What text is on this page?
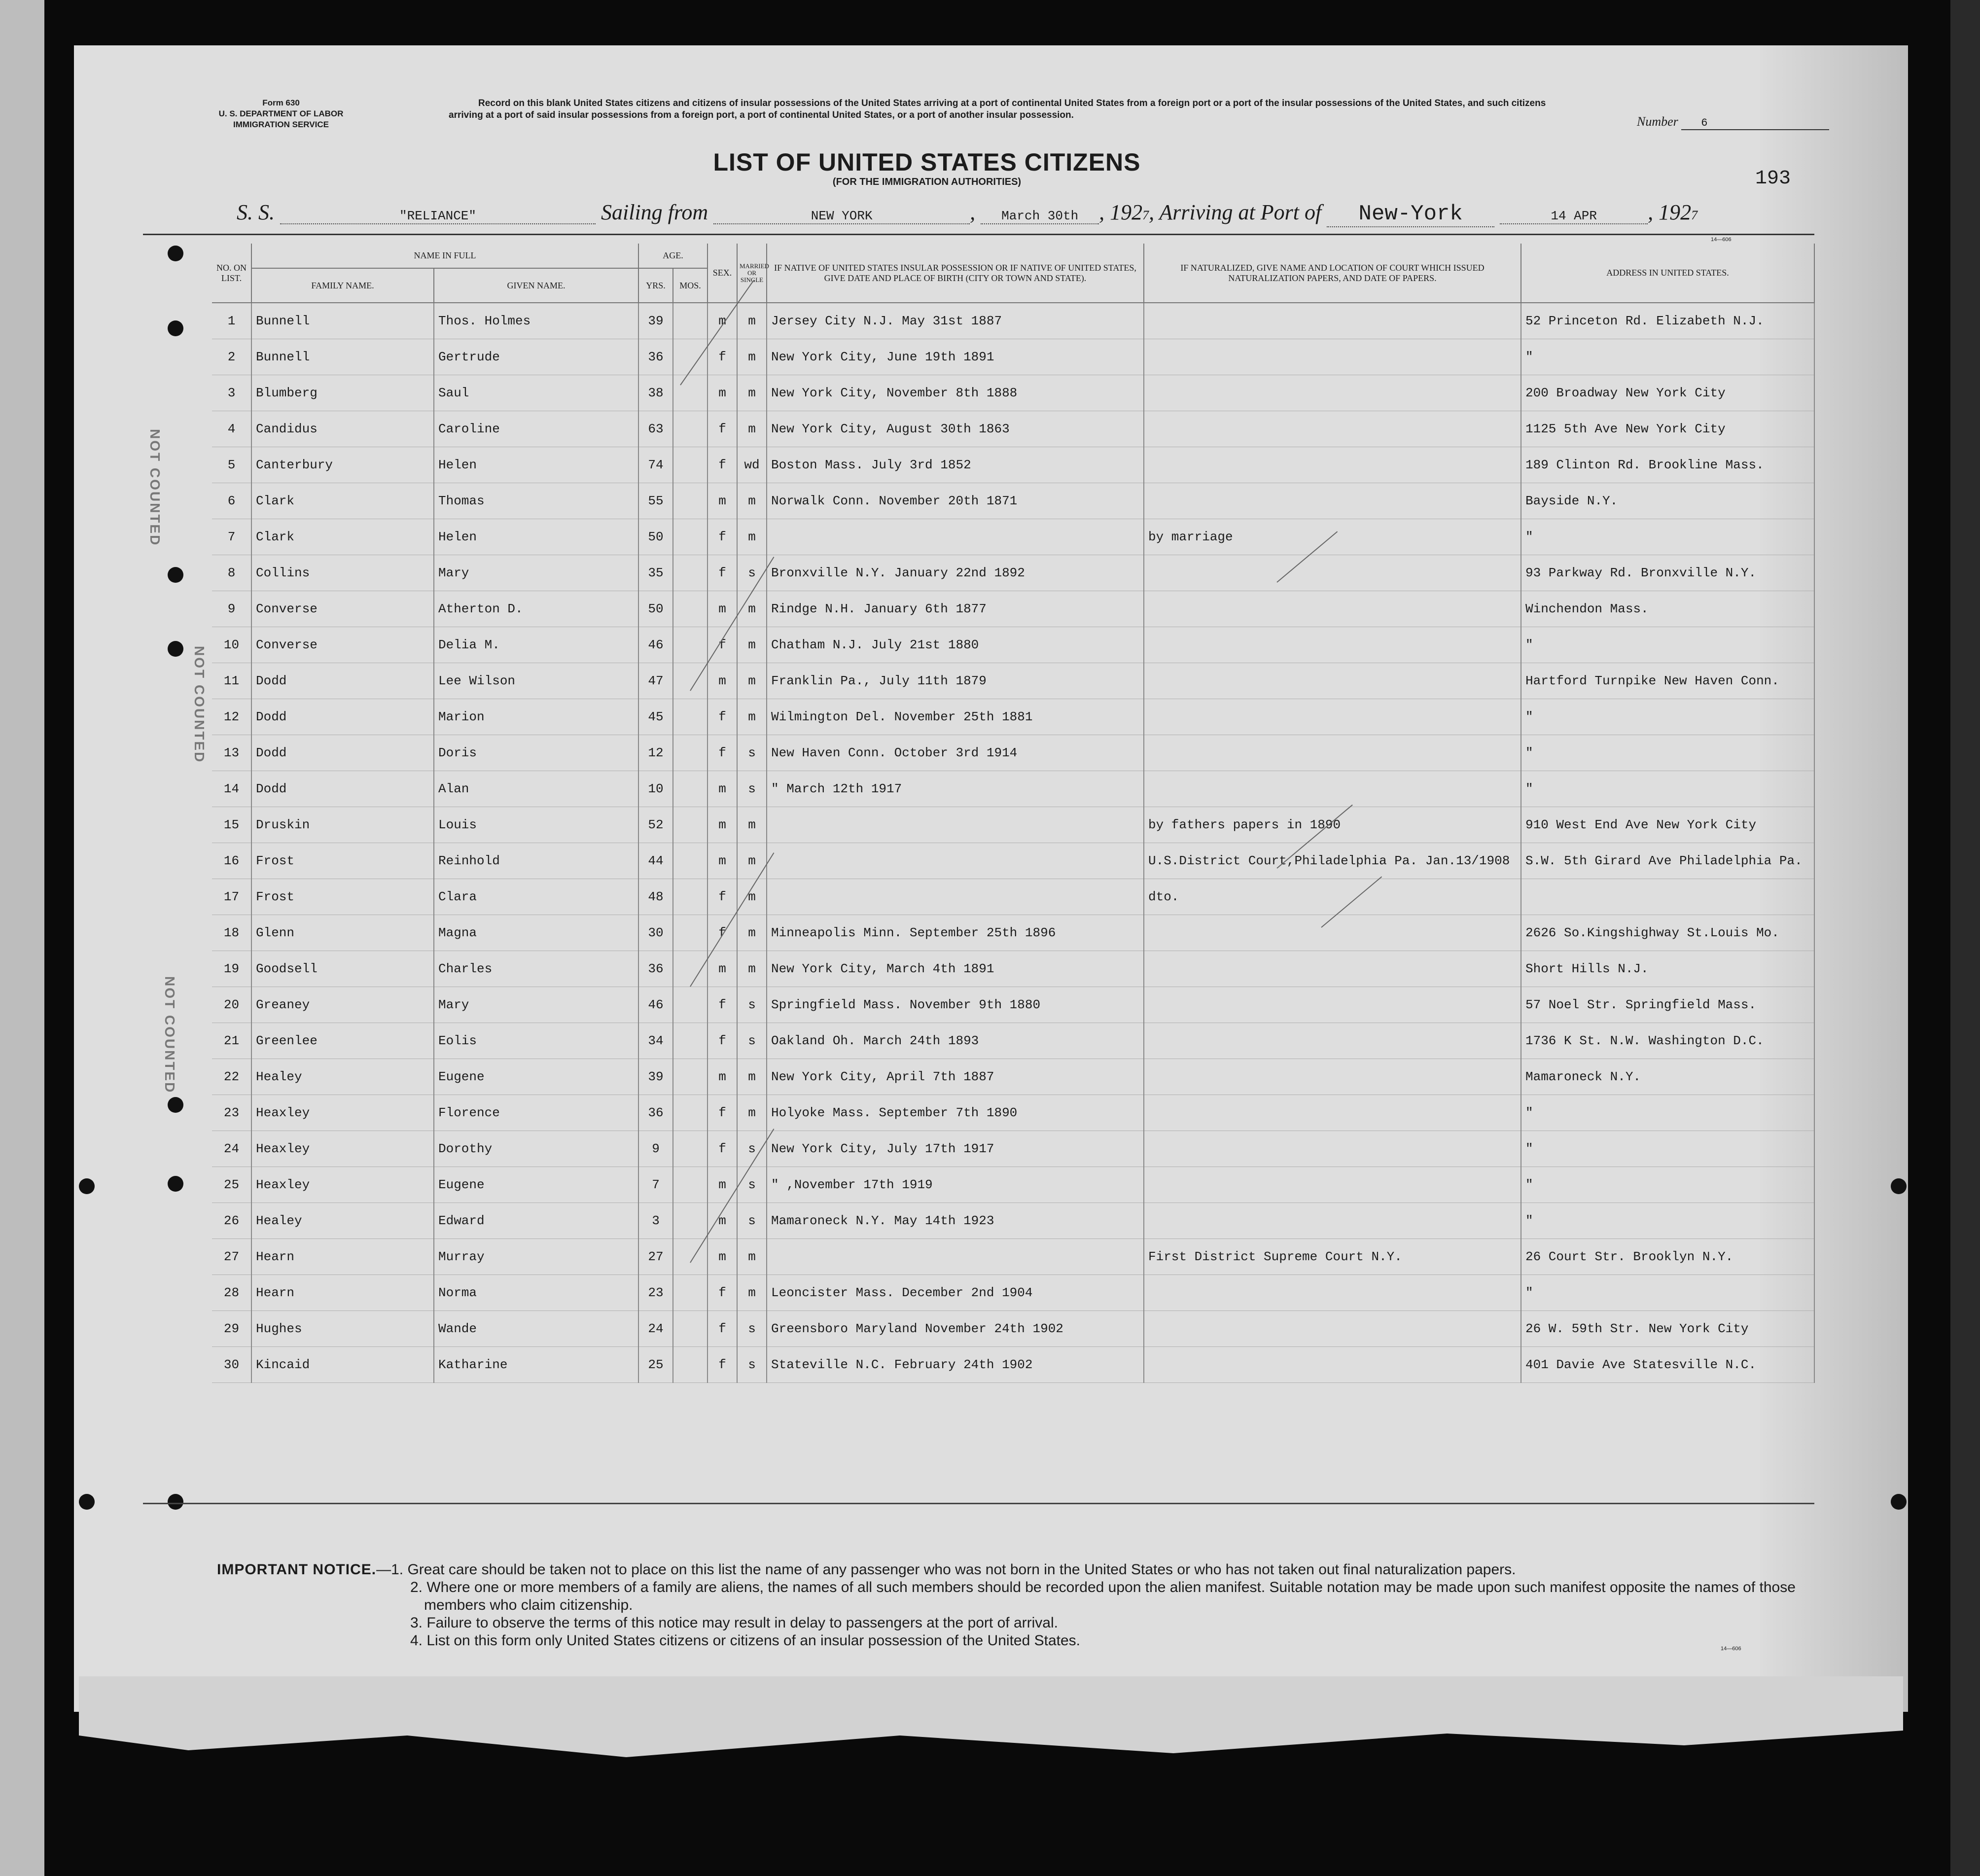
Form 630
U. S. DEPARTMENT OF LABOR
IMMIGRATION SERVICE
Record on this blank United States citizens and citizens of insular possessions of the United States arriving at a port of continental United States from a foreign port or a port of the insular possessions of the United States, and such citizens arriving at a port of said insular possessions from a foreign port, a port of continental United States, or a port of another insular possession.	Number 6
LIST OF UNITED STATES CITIZENS
(FOR THE IMMIGRATION AUTHORITIES)	193
S. S.	"RELIANCE"	Sailing from	NEW YORK	, March 30th , 1927, Arriving at Port of New-York	14 APR , 1927
14—606
NO. ON LIST.	NAME IN FULL		AGE.		SEX.	MARRIED OR SINGLE	IF NATIVE OF UNITED STATES INSULAR POSSESSION OR IF NATIVE OF UNITED STATES, GIVE DATE AND PLACE OF BIRTH (CITY OR TOWN AND STATE).	IF NATURALIZED, GIVE NAME AND LOCATION OF COURT WHICH ISSUED NATURALIZATION PAPERS, AND DATE OF PAPERS.	ADDRESS IN UNITED STATES.
	FAMILY NAME.	GIVEN NAME.	YRS.	MOS.					
1	Bunnell	Thos. Holmes	39		m	m	Jersey City N.J. May 31st 1887		52 Princeton Rd. Elizabeth N.J.
2	Bunnell	Gertrude	36		f	m	New York City, June 19th 1891		"
3	Blumberg	Saul	38		m	m	New York City, November 8th 1888		200 Broadway New York City
4	Candidus	Caroline	63		f	m	New York City, August 30th 1863		1125 5th Ave New York City
5	Canterbury	Helen	74		f	wd	Boston Mass. July 3rd 1852		189 Clinton Rd. Brookline Mass.
6	Clark	Thomas	55		m	m	Norwalk Conn. November 20th 1871		Bayside N.Y.
7	Clark	Helen	50		f	m		by marriage	"
8	Collins	Mary	35		f	s	Bronxville N.Y. January 22nd 1892		93 Parkway Rd. Bronxville N.Y.
9	Converse	Atherton D.	50		m	m	Rindge N.H. January 6th 1877		Winchendon Mass.
10	Converse	Delia M.	46		f	m	Chatham N.J. July 21st 1880		"
11	Dodd	Lee Wilson	47		m	m	Franklin Pa., July 11th 1879		Hartford Turnpike New Haven Conn.
12	Dodd	Marion	45		f	m	Wilmington Del. November 25th 1881		"
13	Dodd	Doris	12		f	s	New Haven Conn. October 3rd 1914		"
14	Dodd	Alan	10		m	s	" March 12th 1917		"
15	Druskin	Louis	52		m	m		by fathers papers in 1890	910 West End Ave New York City
16	Frost	Reinhold	44		m	m		U.S.District Court,Philadelphia Pa. Jan.13/1908	S.W. 5th Girard Ave Philadelphia Pa.
17	Frost	Clara	48		f	m		dto.	
18	Glenn	Magna	30		f	m	Minneapolis Minn. September 25th 1896		2626 So.Kingshighway St.Louis Mo.
19	Goodsell	Charles	36		m	m	New York City, March 4th 1891		Short Hills N.J.
20	Greaney	Mary	46		f	s	Springfield Mass. November 9th 1880		57 Noel Str. Springfield Mass.
21	Greenlee	Eolis	34		f	s	Oakland Oh. March 24th 1893		1736 K St. N.W. Washington D.C.
22	Healey	Eugene	39		m	m	New York City, April 7th 1887		Mamaroneck N.Y.
23	Heaxley	Florence	36		f	m	Holyoke Mass. September 7th 1890		"
24	Heaxley	Dorothy	9		f	s	New York City, July 17th 1917		"
25	Heaxley	Eugene	7		m	s	" ,November 17th 1919		"
26	Healey	Edward	3		m	s	Mamaroneck N.Y. May 14th 1923		"
27	Hearn	Murray	27		m	m		First District Supreme Court N.Y.	26 Court Str. Brooklyn N.Y.
28	Hearn	Norma	23		f	m	Leoncister Mass. December 2nd 1904		"
29	Hughes	Wande	24		f	s	Greensboro Maryland November 24th 1902		26 W. 59th Str. New York City
30	Kincaid	Katharine	25		f	s	Stateville N.C. February 24th 1902		401 Davie Ave Statesville N.C.
NOT COUNTED
NOT COUNTED
NOT COUNTED
IMPORTANT NOTICE.—1. Great care should be taken not to place on this list the name of any passenger who was not born in the United States or who has not taken out final naturalization papers.
2. Where one or more members of a family are aliens, the names of all such members should be recorded upon the alien manifest. Suitable notation may be made upon such manifest opposite the names of those members who claim citizenship.
3. Failure to observe the terms of this notice may result in delay to passengers at the port of arrival.
4. List on this form only United States citizens or citizens of an insular possession of the United States.	14—606
